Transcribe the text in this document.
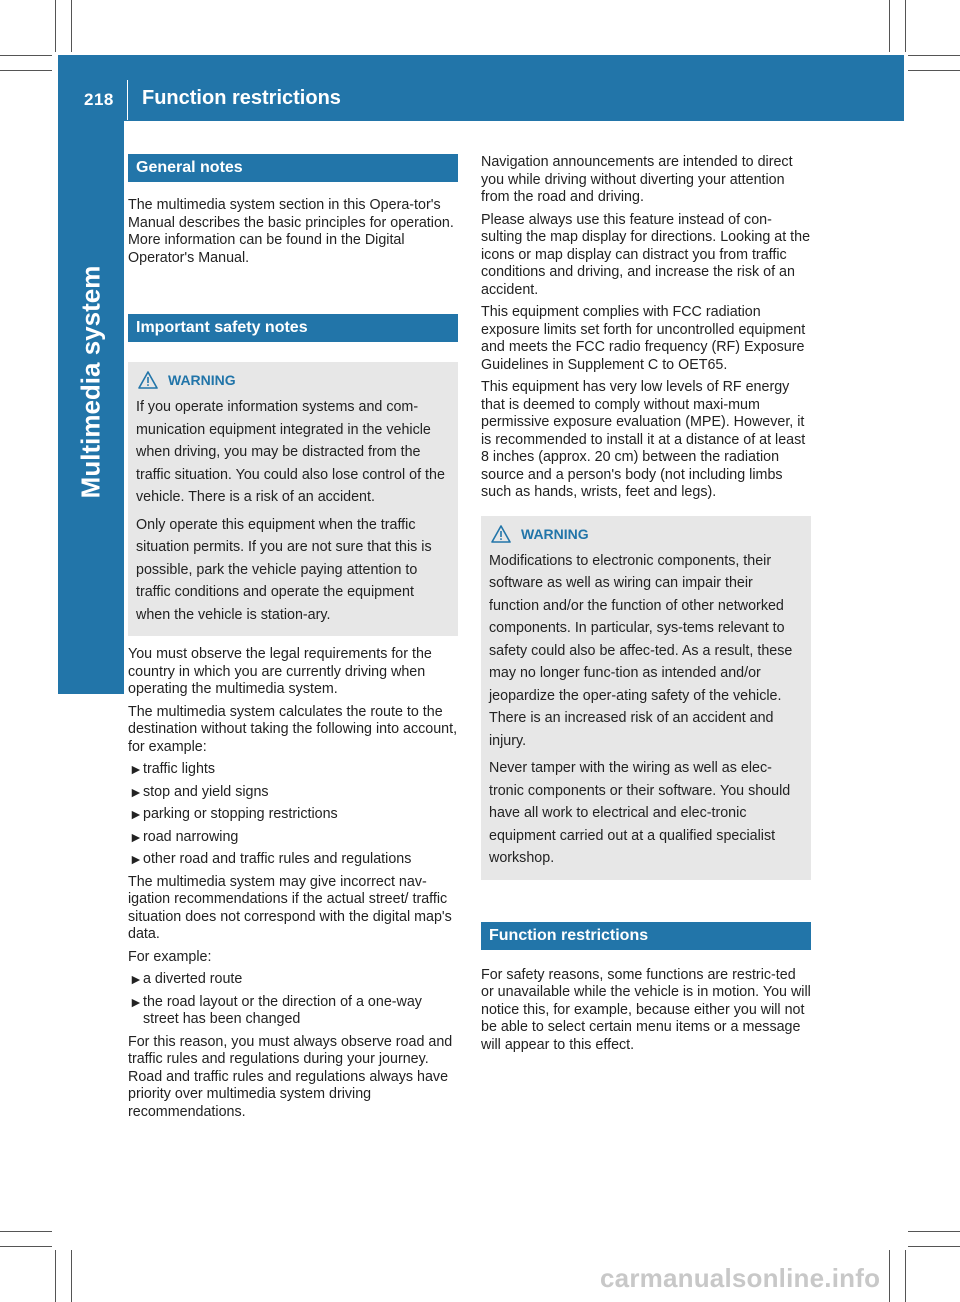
218 Function restrictions
Multimedia system
General notes

The multimedia system section in this Opera-tor's Manual describes the basic principles for operation. More information can be found in the Digital Operator's Manual.

Important safety notes
WARNING

If you operate information systems and com-munication equipment integrated in the vehicle when driving, you may be distracted from the traffic situation. You could also lose control of the vehicle. There is a risk of an accident.

Only operate this equipment when the traffic situation permits. If you are not sure that this is possible, park the vehicle paying attention to traffic conditions and operate the equipment when the vehicle is station-ary.

You must observe the legal requirements for the country in which you are currently driving when operating the multimedia system.

The multimedia system calculates the route to the destination without taking the following into account, for example:

► traffic lights
► stop and yield signs
► parking or stopping restrictions
► road narrowing
► other road and traffic rules and regulations

The multimedia system may give incorrect nav-igation recommendations if the actual street/ traffic situation does not correspond with the digital map's data.

For example:

► a diverted route
► the road layout or the direction of a one-way street has been changed

For this reason, you must always observe road and traffic rules and regulations during your journey. Road and traffic rules and regulations always have priority over multimedia system driving recommendations.

Navigation announcements are intended to direct you while driving without diverting your attention from the road and driving.

Please always use this feature instead of con-sulting the map display for directions. Looking at the icons or map display can distract you from traffic conditions and driving, and increase the risk of an accident.

This equipment complies with FCC radiation exposure limits set forth for uncontrolled equipment and meets the FCC radio frequency (RF) Exposure Guidelines in Supplement C to OET65.

This equipment has very low levels of RF energy that is deemed to comply without maxi-mum permissive exposure evaluation (MPE). However, it is recommended to install it at a distance of at least 8 inches (approx. 20 cm) between the radiation source and a person's body (not including limbs such as hands, wrists, feet and legs).

WARNING

Modifications to electronic components, their software as well as wiring can impair their function and/or the function of other networked components. In particular, sys-tems relevant to safety could also be affec-ted. As a result, these may no longer func-tion as intended and/or jeopardize the oper-ating safety of the vehicle. There is an increased risk of an accident and injury.

Never tamper with the wiring as well as elec-tronic components or their software. You should have all work to electrical and elec-tronic equipment carried out at a qualified specialist workshop.

Function restrictions

For safety reasons, some functions are restric-ted or unavailable while the vehicle is in motion. You will notice this, for example, because either you will not be able to select certain menu items or a message will appear to this effect.

carmanualsonline.info
